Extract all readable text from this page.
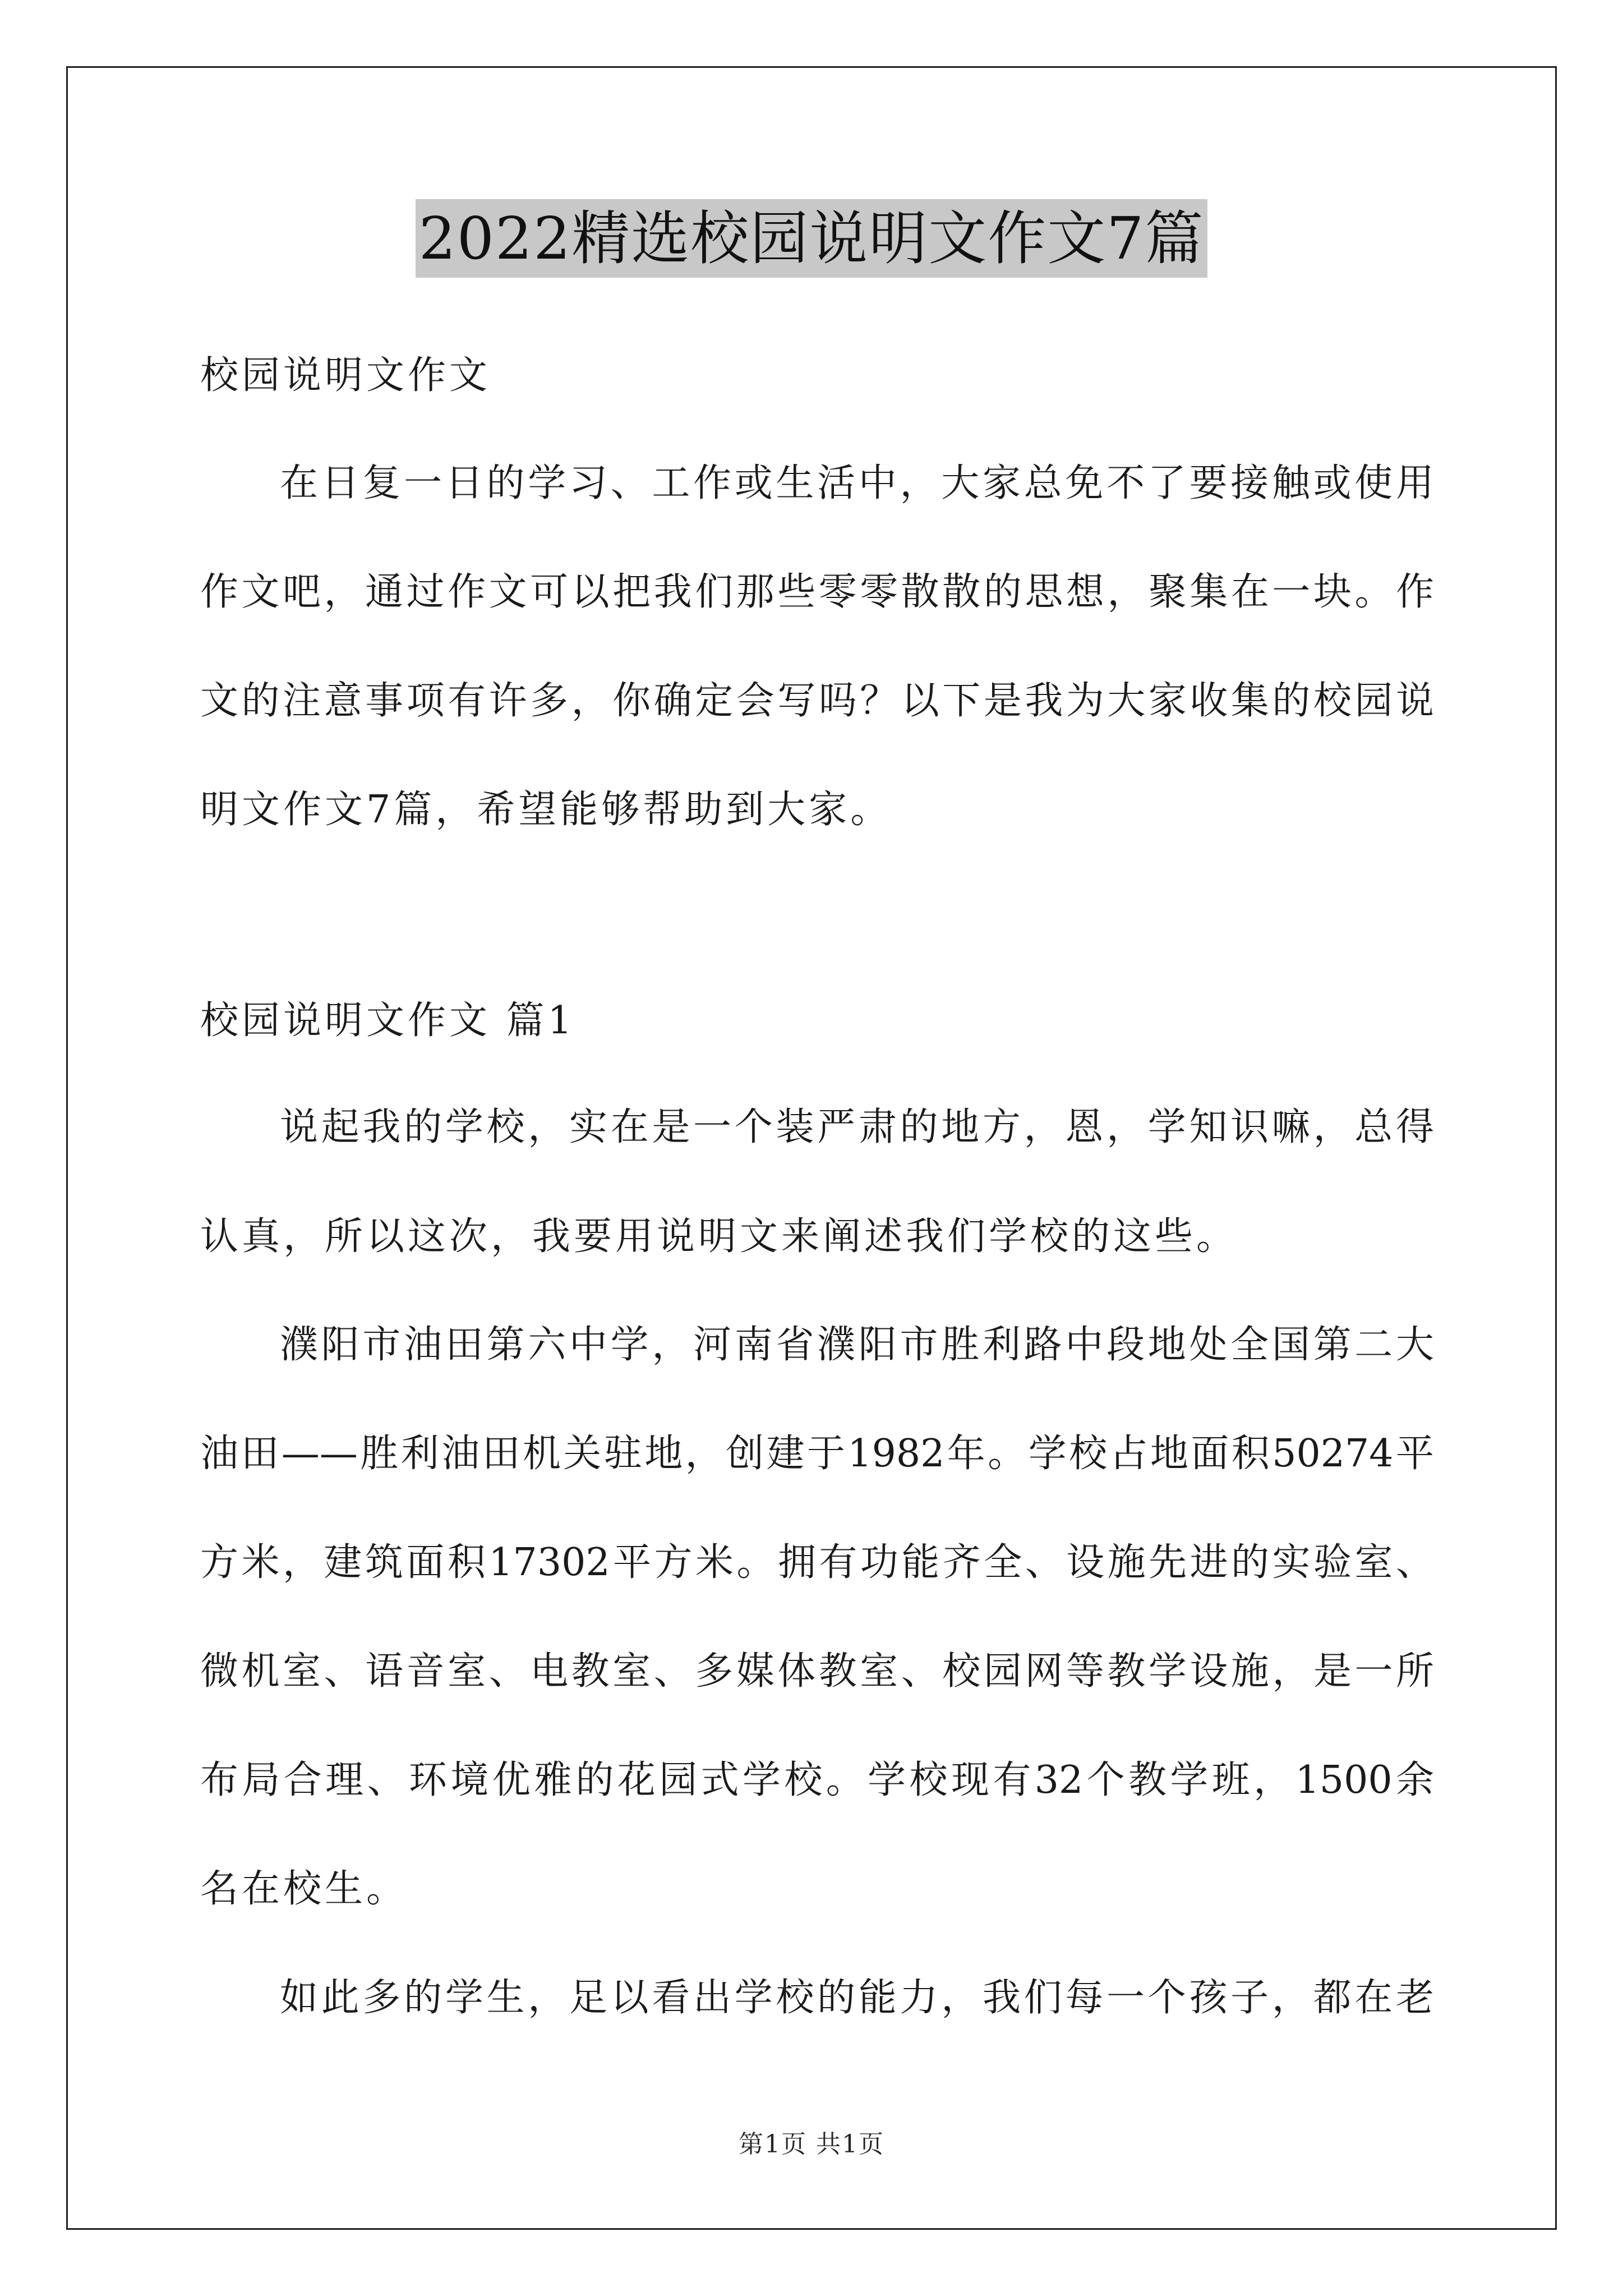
2022精选校园说明文作文7篇
校园说明文作文
在日复一日的学习、工作或生活中，大家总免不了要接触或使用
作文吧，通过作文可以把我们那些零零散散的思想，聚集在一块。作
文的注意事项有许多，你确定会写吗？以下是我为大家收集的校园说
明文作文7篇，希望能够帮助到大家。
校园说明文作文 篇1
说起我的学校，实在是一个装严肃的地方，恩，学知识嘛，总得
认真，所以这次，我要用说明文来阐述我们学校的这些。
濮阳市油田第六中学，河南省濮阳市胜利路中段地处全国第二大
油田——胜利油田机关驻地，创建于1982年。学校占地面积50274平
方米，建筑面积17302平方米。拥有功能齐全、设施先进的实验室、
微机室、语音室、电教室、多媒体教室、校园网等教学设施，是一所
布局合理、环境优雅的花园式学校。学校现有32个教学班，1500余
名在校生。
如此多的学生，足以看出学校的能力，我们每一个孩子，都在老
第1页 共1页
